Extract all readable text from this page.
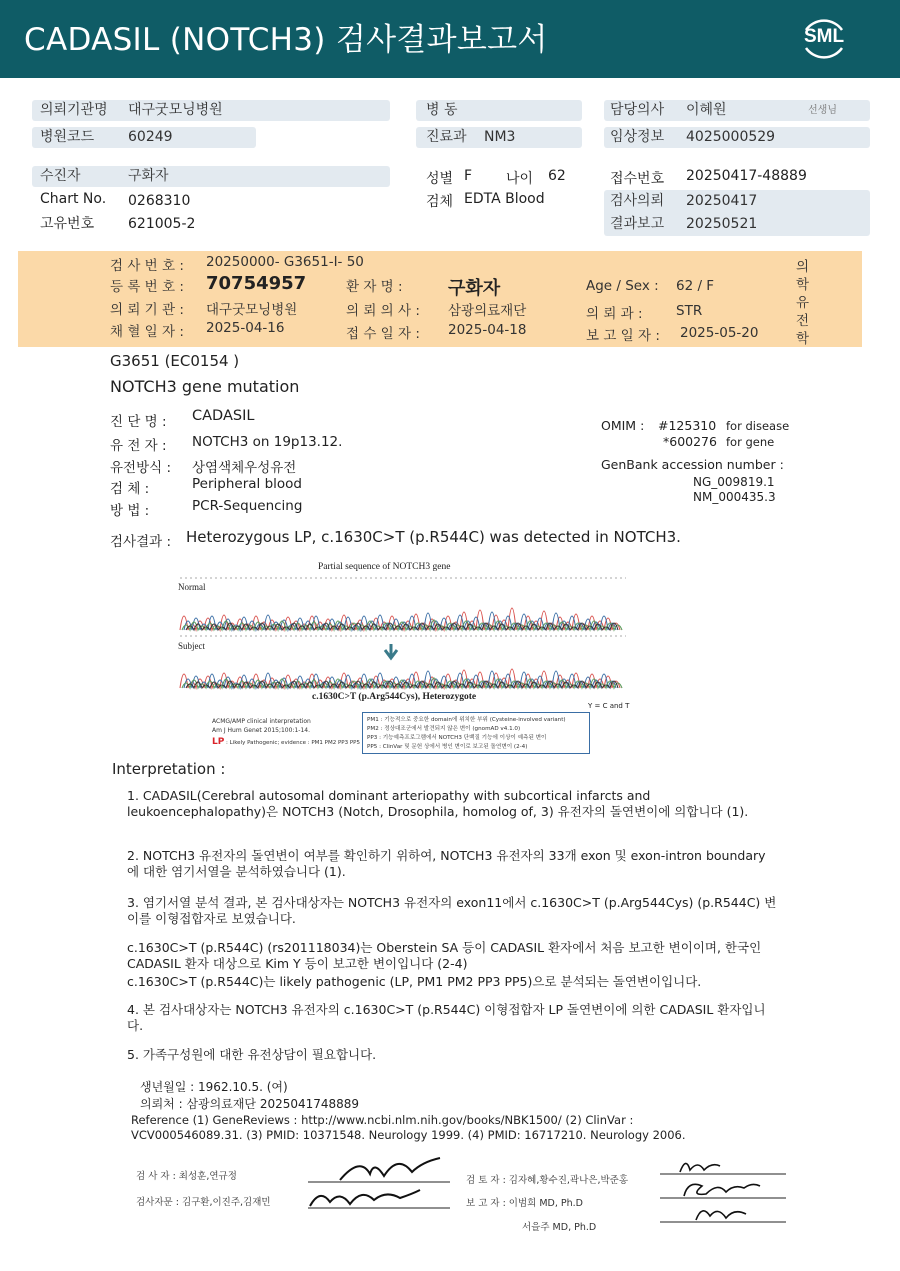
CADASIL (NOTCH3) 검사결과보고서	SML
의뢰기관명 대구굿모닝병원
병원코드 60249
병 동
진료과 NM3
담당의사 이혜원	선생님
임상정보 4025000529
수진자	구화자
Chart No. 0268310
고유번호 621005-2
성별 F 나이 62
검체 EDTA Blood
접수번호 20250417-48889
검사의뢰 20250417
결과보고 20250521
검 사 번 호 : 20250000- G3651-I- 50
등 록 번 호 : 70754957	환 자 명 :	구화자	Age / Sex : 62 / F
의 뢰 기 관 : 대구굿모닝병원	의 뢰 의 사 : 삼광의료재단	의 뢰 과 : STR
채 혈 일 자 : 2025-04-16	접 수 일 자 : 2025-04-18	보 고 일 자 : 2025-05-20
의학유전학
G3651 (EC0154 )
NOTCH3 gene mutation
진 단 명 : CADASIL
유 전 자 : NOTCH3 on 19p13.12.
유전방식 : 상염색체우성유전
검 체 :	Peripheral blood
방 법 :	PCR-Sequencing
OMIM : #125310 for disease
*600276 for gene
GenBank accession number :
NG_009819.1
NM_000435.3
검사결과 : Heterozygous LP, c.1630C>T (p.R544C) was detected in NOTCH3.
Partial sequence of NOTCH3 gene
Normal
Subject
c.1630C>T (p.Arg544Cys), Heterozygote
Y = C and T
ACMG/AMP clinical interpretation
Am J Hum Genet 2015;100:1-14.
LP : Likely Pathogenic; evidence : PM1 PM2 PP3 PP5
PM1 : 기능적으로 중요한 domain에 위치한 부위 (Cysteine-involved variant)
PM2 : 정상대조군에서 발견되지 않은 변이 (gnomAD v4.1.0)
PP3 : 기능예측프로그램에서 NOTCH3 단백질 기능에 이상이 예측된 변이
PP5 : ClinVar 및 문헌 상에서 병인 변이로 보고된 돌연변이 (2-4)
Interpretation :
1. CADASIL(Cerebral autosomal dominant arteriopathy with subcortical infarcts and leukoencephalopathy)은 NOTCH3 (Notch, Drosophila, homolog of, 3) 유전자의 돌연변이에 의합니다 (1).
2. NOTCH3 유전자의 돌연변이 여부를 확인하기 위하여, NOTCH3 유전자의 33개 exon 및 exon-intron boundary에 대한 염기서열을 분석하였습니다 (1).
3. 염기서열 분석 결과, 본 검사대상자는 NOTCH3 유전자의 exon11에서 c.1630C>T (p.Arg544Cys) (p.R544C) 변이를 이형접합자로 보였습니다.
c.1630C>T (p.R544C) (rs201118034)는 Oberstein SA 등이 CADASIL 환자에서 처음 보고한 변이이며, 한국인 CADASIL 환자 대상으로 Kim Y 등이 보고한 변이입니다 (2-4)
c.1630C>T (p.R544C)는 likely pathogenic (LP, PM1 PM2 PP3 PP5)으로 분석되는 돌연변이입니다.
4. 본 검사대상자는 NOTCH3 유전자의 c.1630C>T (p.R544C) 이형접합자 LP 돌연변이에 의한 CADASIL 환자입니다.
5. 가족구성원에 대한 유전상담이 필요합니다.
생년월일 : 1962.10.5. (여)
의뢰처 : 삼광의료재단 2025041748889
Reference (1) GeneReviews : http://www.ncbi.nlm.nih.gov/books/NBK1500/ (2) ClinVar : VCV000546089.31. (3) PMID: 10371548. Neurology 1999. (4) PMID: 16717210. Neurology 2006.
검 사 자 : 최성훈,연규정
검사자문 : 김구환,이진주,김재민
검 토 자 : 김자혜,황수진,곽나은,박준홍
보 고 자 : 이범희 MD, Ph.D
서을주 MD, Ph.D
